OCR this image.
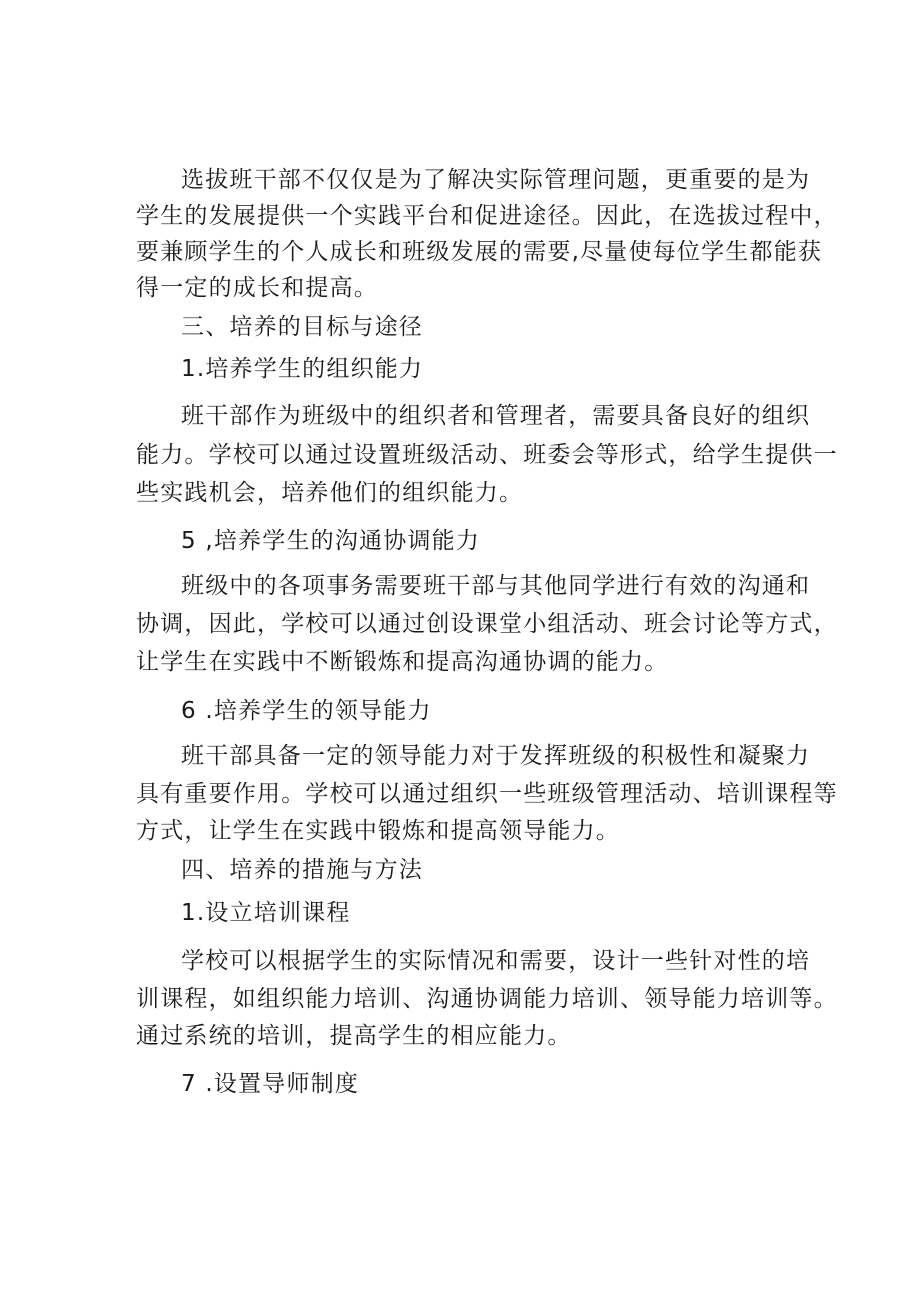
选拔班干部不仅仅是为了解决实际管理问题，更重要的是为
学生的发展提供一个实践平台和促进途径。因此，在选拔过程中，
要兼顾学生的个人成长和班级发展的需要,尽量使每位学生都能获
得一定的成长和提高。
三、培养的目标与途径
1.培养学生的组织能力
班干部作为班级中的组织者和管理者，需要具备良好的组织
能力。学校可以通过设置班级活动、班委会等形式，给学生提供一
些实践机会，培养他们的组织能力。
5 ,培养学生的沟通协调能力
班级中的各项事务需要班干部与其他同学进行有效的沟通和
协调，因此，学校可以通过创设课堂小组活动、班会讨论等方式，
让学生在实践中不断锻炼和提高沟通协调的能力。
6 .培养学生的领导能力
班干部具备一定的领导能力对于发挥班级的积极性和凝聚力
具有重要作用。学校可以通过组织一些班级管理活动、培训课程等
方式，让学生在实践中锻炼和提高领导能力。
四、培养的措施与方法
1.设立培训课程
学校可以根据学生的实际情况和需要，设计一些针对性的培
训课程，如组织能力培训、沟通协调能力培训、领导能力培训等。
通过系统的培训，提高学生的相应能力。
7 .设置导师制度
